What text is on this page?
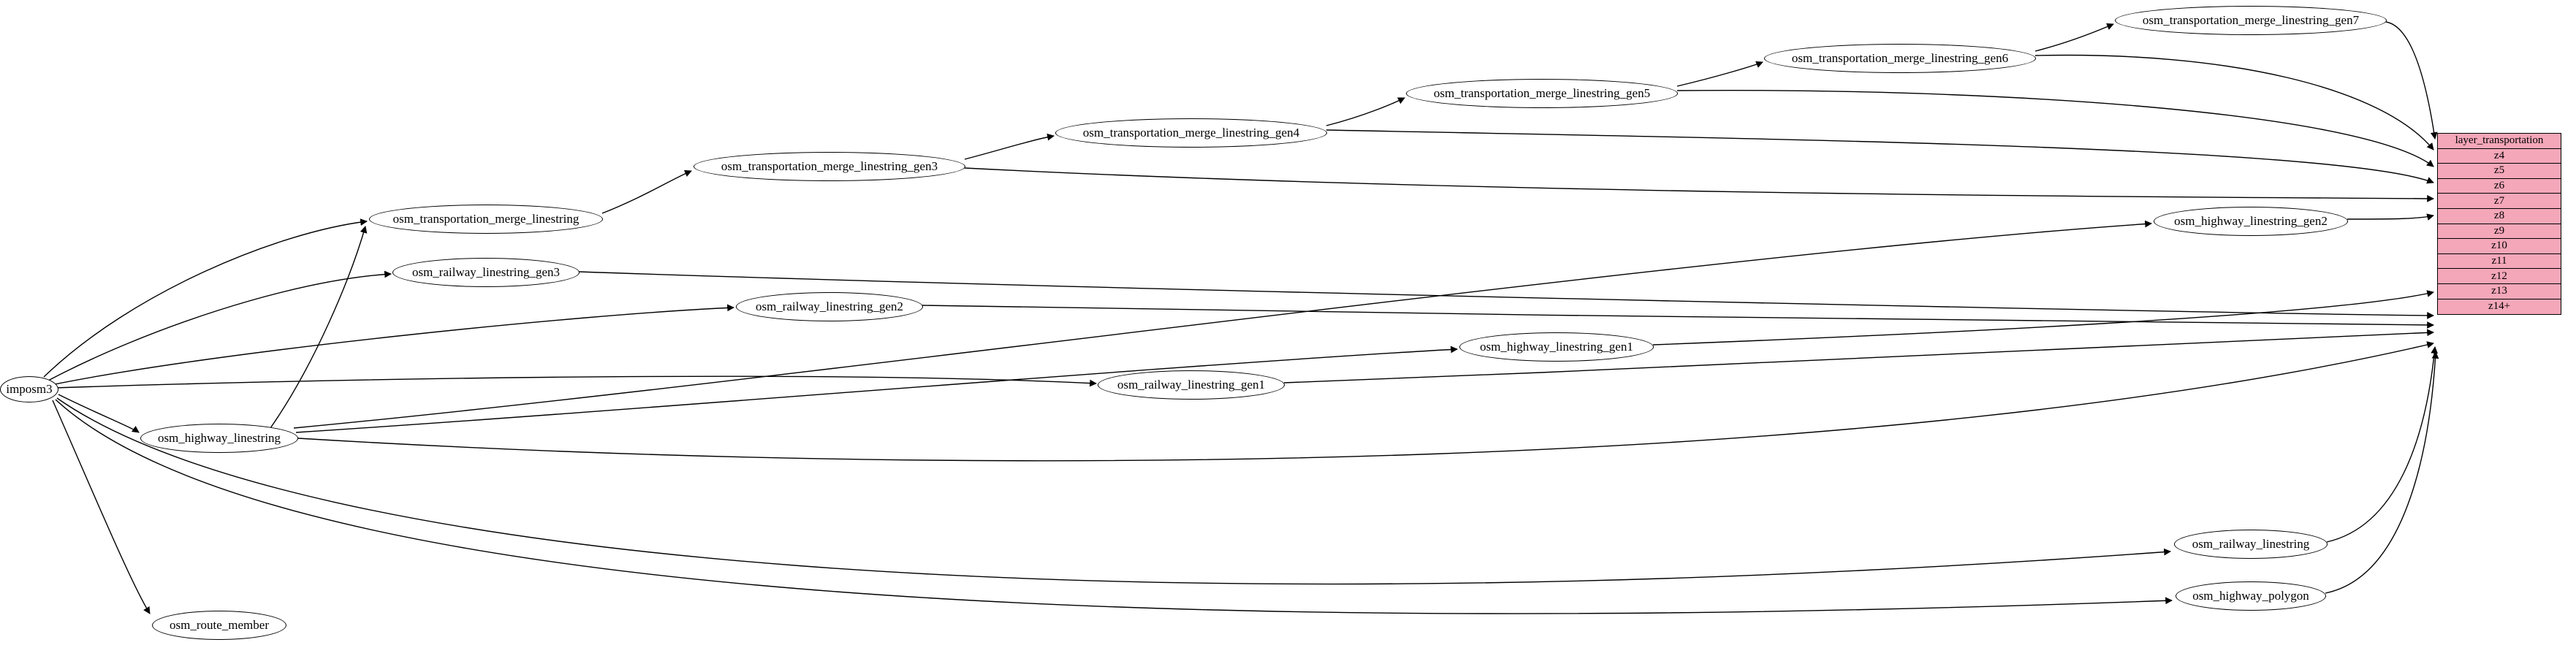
imposm3
osm_highway_linestring
osm_route_member
osm_railway_linestring_gen3
osm_transportation_merge_linestring
osm_railway_linestring_gen2
osm_railway_linestring_gen1
osm_transportation_merge_linestring_gen3
osm_transportation_merge_linestring_gen4
osm_transportation_merge_linestring_gen5
osm_transportation_merge_linestring_gen6
osm_transportation_merge_linestring_gen7
osm_highway_linestring_gen2
osm_highway_linestring_gen1
osm_railway_linestring
osm_highway_polygon
layer_transportation
z4
z5
z6
z7
z8
z9
z10
z11
z12
z13
z14+
